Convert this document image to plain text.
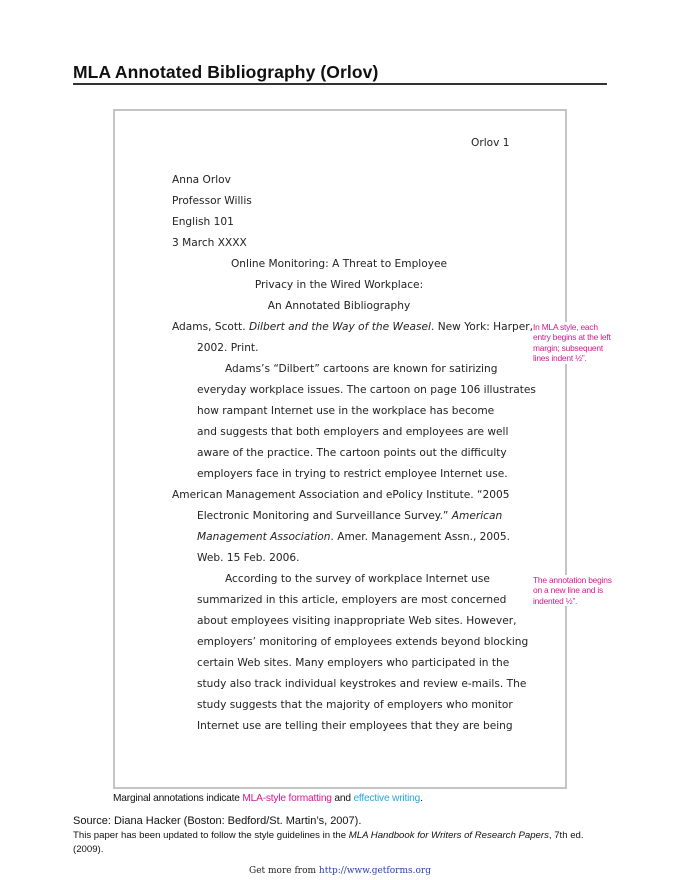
MLA Annotated Bibliography (Orlov)
Orlov 1
Anna Orlov
Professor Willis
English 101
3 March XXXX
Online Monitoring: A Threat to Employee
Privacy in the Wired Workplace:
An Annotated Bibliography
Adams, Scott. Dilbert and the Way of the Weasel. New York: Harper,
2002. Print.
Adams’s “Dilbert” cartoons are known for satirizing
everyday workplace issues. The cartoon on page 106 illustrates
how rampant Internet use in the workplace has become
and suggests that both employers and employees are well
aware of the practice. The cartoon points out the difficulty
employers face in trying to restrict employee Internet use.
American Management Association and ePolicy Institute. “2005
Electronic Monitoring and Surveillance Survey.” American
Management Association. Amer. Management Assn., 2005.
Web. 15 Feb. 2006.
According to the survey of workplace Internet use
summarized in this article, employers are most concerned
about employees visiting inappropriate Web sites. However,
employers’ monitoring of employees extends beyond blocking
certain Web sites. Many employers who participated in the
study also track individual keystrokes and review e-mails. The
study suggests that the majority of employers who monitor
Internet use are telling their employees that they are being
In MLA style, each entry begins at the left margin; subsequent lines indent ½”.
The annotation begins on a new line and is indented ½”.
Marginal annotations indicate MLA-style formatting and effective writing.
Source: Diana Hacker (Boston: Bedford/St. Martin’s, 2007).
This paper has been updated to follow the style guidelines in the MLA Handbook for Writers of Research Papers, 7th ed. (2009).
Get more from http://www.getforms.org
